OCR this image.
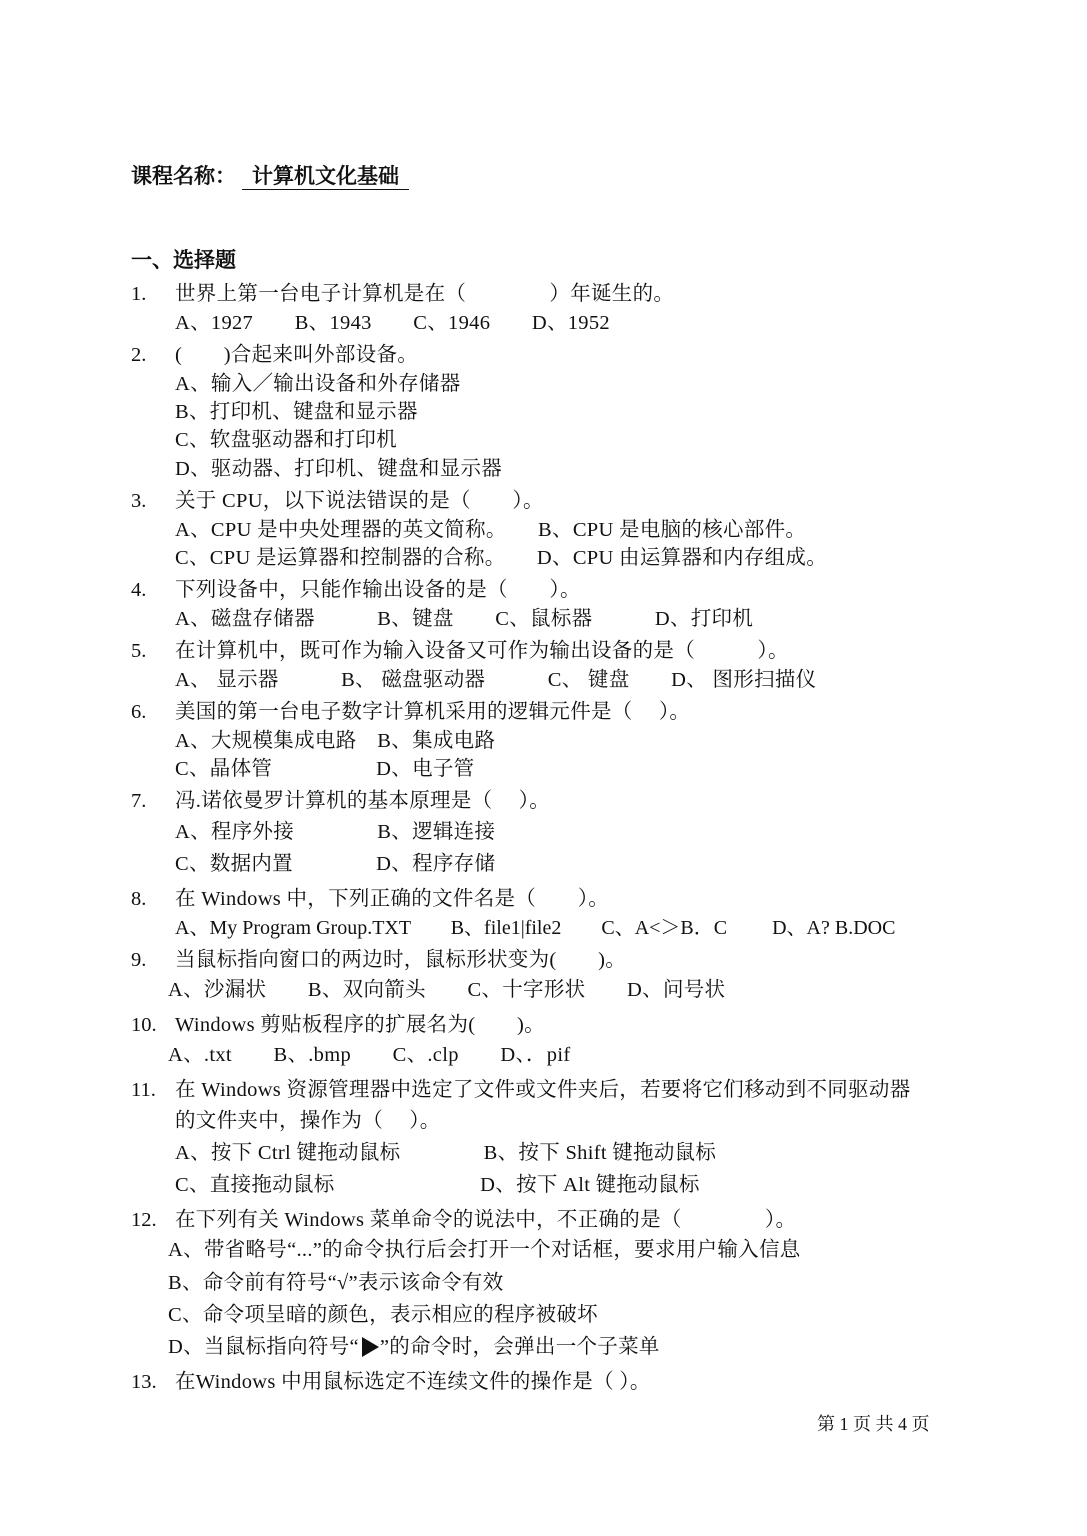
课程名称： 计算机文化基础
一、选择题
1. 世界上第一台电子计算机是在（　　　　）年诞生的。
A、1927　　B、1943　　C、1946　　D、1952
2. (　　)合起来叫外部设备。
A、输入／输出设备和外存储器
B、打印机、键盘和显示器
C、软盘驱动器和打印机
D、驱动器、打印机、键盘和显示器
3. 关于 CPU，以下说法错误的是（　　）。
A、CPU 是中央处理器的英文简称。　　B、CPU 是电脑的核心部件。
C、CPU 是运算器和控制器的合称。　　D、CPU 由运算器和内存组成。
4. 下列设备中，只能作输出设备的是（　　）。
A、磁盘存储器　　　B、键盘　　C、鼠标器　　　D、打印机
5. 在计算机中，既可作为输入设备又可作为输出设备的是（　　　）。
A、 显示器　　　B、 磁盘驱动器　　　C、 键盘　　D、 图形扫描仪
6. 美国的第一台电子数字计算机采用的逻辑元件是（　 ）。
A、大规模集成电路　B、集成电路
C、晶体管　　　　　D、电子管
7. 冯.诺依曼罗计算机的基本原理是（　 ）。
A、程序外接　　　　B、逻辑连接
C、数据内置　　　　D、程序存储
8. 在 Windows 中，下列正确的文件名是（　　）。
A、My Program Group.TXT　　B、file1|file2　　C、A<＞B．C　　 D、A? B.DOC
9. 当鼠标指向窗口的两边时，鼠标形状变为(　　)。
A、沙漏状　　B、双向箭头　　C、十字形状　　D、问号状
10. Windows 剪贴板程序的扩展名为(　　)。
A、.txt　　B、.bmp　　C、.clp　　D、．pif
11. 在 Windows 资源管理器中选定了文件或文件夹后，若要将它们移动到不同驱动器
的文件夹中，操作为（　 ）。
A、按下 Ctrl 键拖动鼠标　　　　B、按下 Shift 键拖动鼠标
C、直接拖动鼠标　　　　　　　D、按下 Alt 键拖动鼠标
12. 在下列有关 Windows 菜单命令的说法中，不正确的是（　　　　）。
A、带省略号“...”的命令执行后会打开一个对话框，要求用户输入信息
B、命令前有符号“√”表示该命令有效
C、命令项呈暗的颜色，表示相应的程序被破坏
D、当鼠标指向符号“ ”的命令时，会弹出一个子菜单
13. 在Windows 中用鼠标选定不连续文件的操作是（ ）。
第 1 页 共 4 页
